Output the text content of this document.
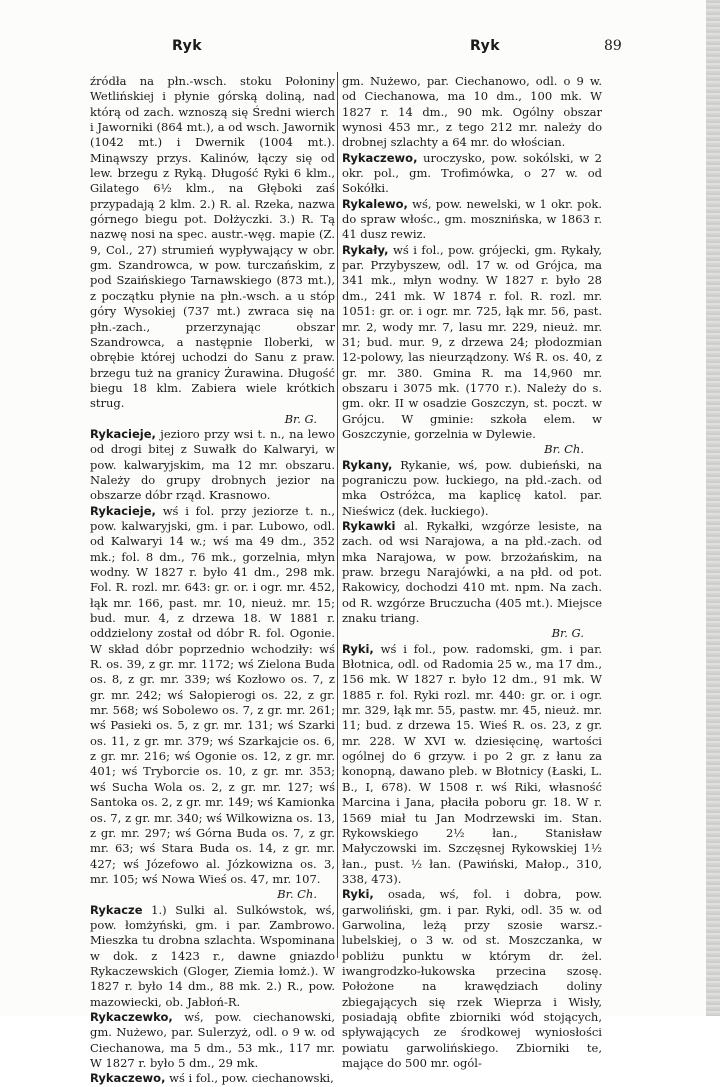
Ryk	Ryk	89

źródła na płn.-wsch. stoku Połoniny Wetlińskiej i płynie górską doliną, nad którą od zach. wznoszą się Średni wierch i Jaworniki (864 mt.), a od wsch. Jawornik (1042 mt.) i Dwernik (1004 mt.). Minąwszy przys. Kalinów, łączy się od lew. brzegu z Ryką. Długość Ryki 6 klm., Gilatego 6½ klm., na Głęboki zaś przypadają 2 klm. 2.) R. al. Rzeka, nazwa górnego biegu pot. Dołżyczki. 3.) R. Tą nazwę nosi na spec. austr.-węg. mapie (Z. 9, Col., 27) strumień wypływający w obr. gm. Szandrowca, w pow. turczańskim, z pod Szaińskiego Tarnawskiego (873 mt.), z początku płynie na płn.-wsch. a u stóp góry Wysokiej (737 mt.) zwraca się na płn.-zach., przerzynając obszar Szandrowca, a następnie Iloberki, w obrębie której uchodzi do Sanu z praw. brzegu tuż na granicy Żurawina. Długość biegu 18 klm. Zabiera wiele krótkich strug.
Br. G.

Rykacieje, jezioro przy wsi t. n., na lewo od drogi bitej z Suwałk do Kalwaryi, w pow. kalwaryjskim, ma 12 mr. obszaru. Należy do grupy drobnych jezior na obszarze dóbr rząd. Krasnowo.

Rykacieje, wś i fol. przy jeziorze t. n., pow. kalwaryjski, gm. i par. Lubowo, odl. od Kalwaryi 14 w.; wś ma 49 dm., 352 mk.; fol. 8 dm., 76 mk., gorzelnia, młyn wodny. W 1827 r. było 41 dm., 298 mk. Fol. R. rozl. mr. 643: gr. or. i ogr. mr. 452, łąk mr. 166, past. mr. 10, nieuż. mr. 15; bud. mur. 4, z drzewa 18. W 1881 r. oddzielony został od dóbr R. fol. Ogonie. W skład dóbr poprzednio wchodziły: wś R. os. 39, z gr. mr. 1172; wś Zielona Buda os. 8, z gr. mr. 339; wś Kozłowo os. 7, z gr. mr. 242; wś Sałopierogi os. 22, z gr. mr. 568; wś Sobolewo os. 7, z gr. mr. 261; wś Pasieki os. 5, z gr. mr. 131; wś Szarki os. 11, z gr. mr. 379; wś Szarkajcie os. 6, z gr. mr. 216; wś Ogonie os. 12, z gr. mr. 401; wś Tryborcie os. 10, z gr. mr. 353; wś Sucha Wola os. 2, z gr. mr. 127; wś Santoka os. 2, z gr. mr. 149; wś Kamionka os. 7, z gr. mr. 340; wś Wilkowizna os. 13, z gr. mr. 297; wś Górna Buda os. 7, z gr. mr. 63; wś Stara Buda os. 14, z gr. mr. 427; wś Józefowo al. Józkowizna os. 3, mr. 105; wś Nowa Wieś os. 47, mr. 107.
Br. Ch.

Rykacze 1.) Sulki al. Sulkówstok, wś, pow. łomżyński, gm. i par. Zambrowo. Mieszka tu drobna szlachta. Wspominana w dok. z 1423 r., dawne gniazdo Rykaczewskich (Gloger, Ziemia łomż.). W 1827 r. było 14 dm., 88 mk. 2.) R., pow. mazowiecki, ob. Jabłoń-R.

Rykaczewko, wś, pow. ciechanowski, gm. Nużewo, par. Sulerzyż, odl. o 9 w. od Ciechanowa, ma 5 dm., 53 mk., 117 mr. W 1827 r. było 5 dm., 29 mk.

Rykaczewo, wś i fol., pow. ciechanowski,

gm. Nużewo, par. Ciechanowo, odl. o 9 w. od Ciechanowa, ma 10 dm., 100 mk. W 1827 r. 14 dm., 90 mk. Ogólny obszar wynosi 453 mr., z tego 212 mr. należy do drobnej szlachty a 64 mr. do włościan.

Rykaczewo, uroczysko, pow. sokólski, w 2 okr. pol., gm. Trofimówka, o 27 w. od Sokółki.

Rykalewo, wś, pow. newelski, w 1 okr. pok. do spraw włośc., gm. mosznińska, w 1863 r. 41 dusz rewiz.

Rykały, wś i fol., pow. grójecki, gm. Rykały, par. Przybyszew, odl. 17 w. od Grójca, ma 341 mk., młyn wodny. W 1827 r. było 28 dm., 241 mk. W 1874 r. fol. R. rozl. mr. 1051: gr. or. i ogr. mr. 725, łąk mr. 56, past. mr. 2, wody mr. 7, lasu mr. 229, nieuż. mr. 31; bud. mur. 9, z drzewa 24; płodozmian 12-polowy, las nieurządzony. Wś R. os. 40, z gr. mr. 380. Gmina R. ma 14,960 mr. obszaru i 3075 mk. (1770 r.). Należy do s. gm. okr. II w osadzie Goszczyn, st. poczt. w Grójcu. W gminie: szkoła elem. w Goszczynie, gorzelnia w Dylewie.
Br. Ch.

Rykany, Rykanie, wś, pow. dubieński, na pograniczu pow. łuckiego, na płd.-zach. od mka Ostróżca, ma kaplicę katol. par. Nieświcz (dek. łuckiego).

Rykawki al. Rykałki, wzgórze lesiste, na zach. od wsi Narajowa, a na płd.-zach. od mka Narajowa, w pow. brzożańskim, na praw. brzegu Narajówki, a na płd. od pot. Rakowicy, dochodzi 410 mt. npm. Na zach. od R. wzgórze Bruczucha (405 mt.). Miejsce znaku triang.
Br. G.

Ryki, wś i fol., pow. radomski, gm. i par. Błotnica, odl. od Radomia 25 w., ma 17 dm., 156 mk. W 1827 r. było 12 dm., 91 mk. W 1885 r. fol. Ryki rozl. mr. 440: gr. or. i ogr. mr. 329, łąk mr. 55, pastw. mr. 45, nieuż. mr. 11; bud. z drzewa 15. Wieś R. os. 23, z gr. mr. 228. W XVI w. dziesięcinę, wartości ogólnej do 6 grzyw. i po 2 gr. z łanu za konopną, dawano pleb. w Błotnicy (Łaski, L. B., I, 678). W 1508 r. wś Riki, własność Marcina i Jana, płaciła poboru gr. 18. W r. 1569 miał tu Jan Modrzewski im. Stan. Rykowskiego 2½ łan., Stanisław Małyczowski im. Szczęsnej Rykowskiej 1½ łan., pust. ½ łan. (Pawiński, Małop., 310, 338, 473).

Ryki, osada, wś, fol. i dobra, pow. garwoliński, gm. i par. Ryki, odl. 35 w. od Garwolina, leżą przy szosie warsz.-lubelskiej, o 3 w. od st. Moszczanka, w pobliżu punktu w którym dr. żel. iwangrodzko-łukowska przecina szosę. Położone na krawędziach doliny zbiegających się rzek Wieprza i Wisły, posiadają obfite zbiorniki wód stojących, spływających ze środkowej wyniosłości powiatu garwolińskiego. Zbiorniki te, mające do 500 mr. ogól-
